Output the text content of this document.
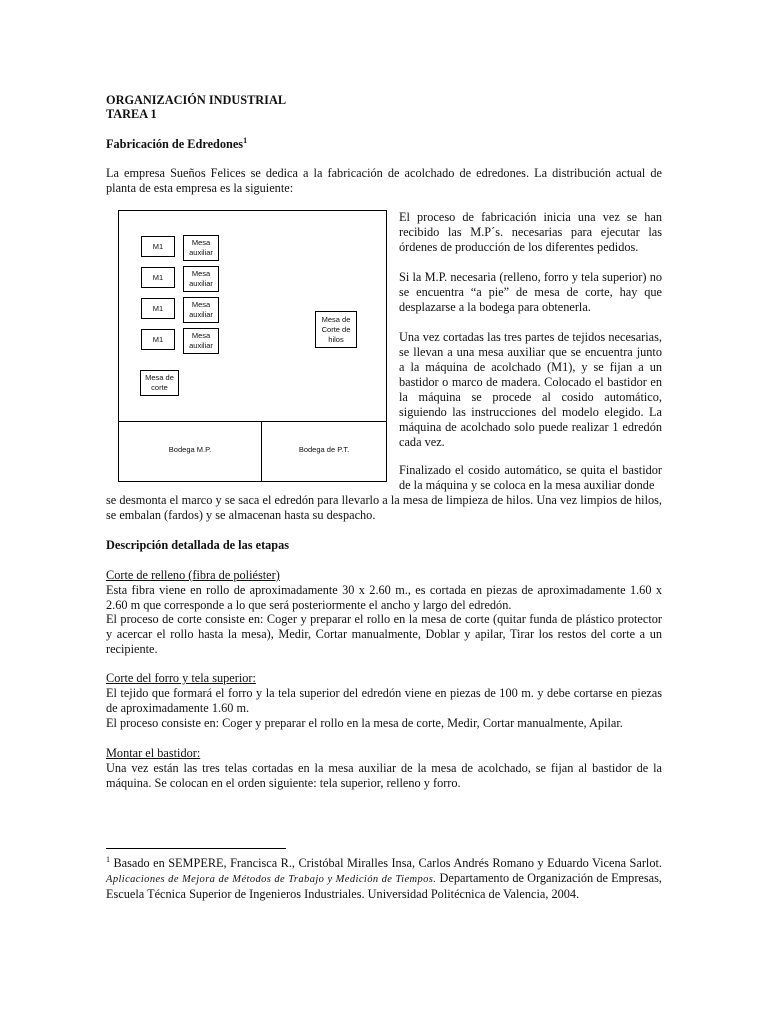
ORGANIZACIÓN INDUSTRIAL
TAREA 1
Fabricación de Edredones$^1$
La empresa Sueños Felices se dedica a la fabricación de acolchado de edredones. La distribución actual de
planta de esta empresa es la siguiente:
M1	Mesa auxiliar
M1	Mesa auxiliar
M1	Mesa auxiliar
M1	Mesa auxiliar
Mesa de Corte de hilos
Mesa de corte
Bodega M.P.	Bodega de P.T.
El proceso de fabricación inicia una vez se han recibido las M.P´s. necesarias para ejecutar las órdenes de producción de los diferentes pedidos.
Si la M.P. necesaria (relleno, forro y tela superior) no se encuentra “a pie” de mesa de corte, hay que desplazarse a la bodega para obtenerla.
Una vez cortadas las tres partes de tejidos necesarias, se llevan a una mesa auxiliar que se encuentra junto a la máquina de acolchado (M1), y se fijan a un bastidor o marco de madera. Colocado el bastidor en la máquina se procede al cosido automático, siguiendo las instrucciones del modelo elegido. La máquina de acolchado solo puede realizar 1 edredón cada vez.
Finalizado el cosido automático, se quita el bastidor de la máquina y se coloca en la mesa auxiliar donde
se desmonta el marco y se saca el edredón para llevarlo a la mesa de limpieza de hilos. Una vez limpios de hilos, se embalan (fardos) y se almacenan hasta su despacho.
Descripción detallada de las etapas
Corte de relleno (fibra de poliéster)
Esta fibra viene en rollo de aproximadamente 30 x 2.60 m., es cortada en piezas de aproximadamente 1.60 x 2.60 m que corresponde a lo que será posteriormente el ancho y largo del edredón.
El proceso de corte consiste en: Coger y preparar el rollo en la mesa de corte (quitar funda de plástico protector y acercar el rollo hasta la mesa), Medir, Cortar manualmente, Doblar y apilar, Tirar los restos del corte a un recipiente.
Corte del forro y tela superior:
El tejido que formará el forro y la tela superior del edredón viene en piezas de 100 m. y debe cortarse en piezas de aproximadamente 1.60 m.
El proceso consiste en: Coger y preparar el rollo en la mesa de corte, Medir, Cortar manualmente, Apilar.
Montar el bastidor:
Una vez están las tres telas cortadas en la mesa auxiliar de la mesa de acolchado, se fijan al bastidor de la máquina. Se colocan en el orden siguiente: tela superior, relleno y forro.
$^1$ Basado en SEMPERE, Francisca R., Cristóbal Miralles Insa, Carlos Andrés Romano y Eduardo Vicena Sarlot. Aplicaciones de Mejora de Métodos de Trabajo y Medición de Tiempos. Departamento de Organización de Empresas, Escuela Técnica Superior de Ingenieros Industriales. Universidad Politécnica de Valencia, 2004.
